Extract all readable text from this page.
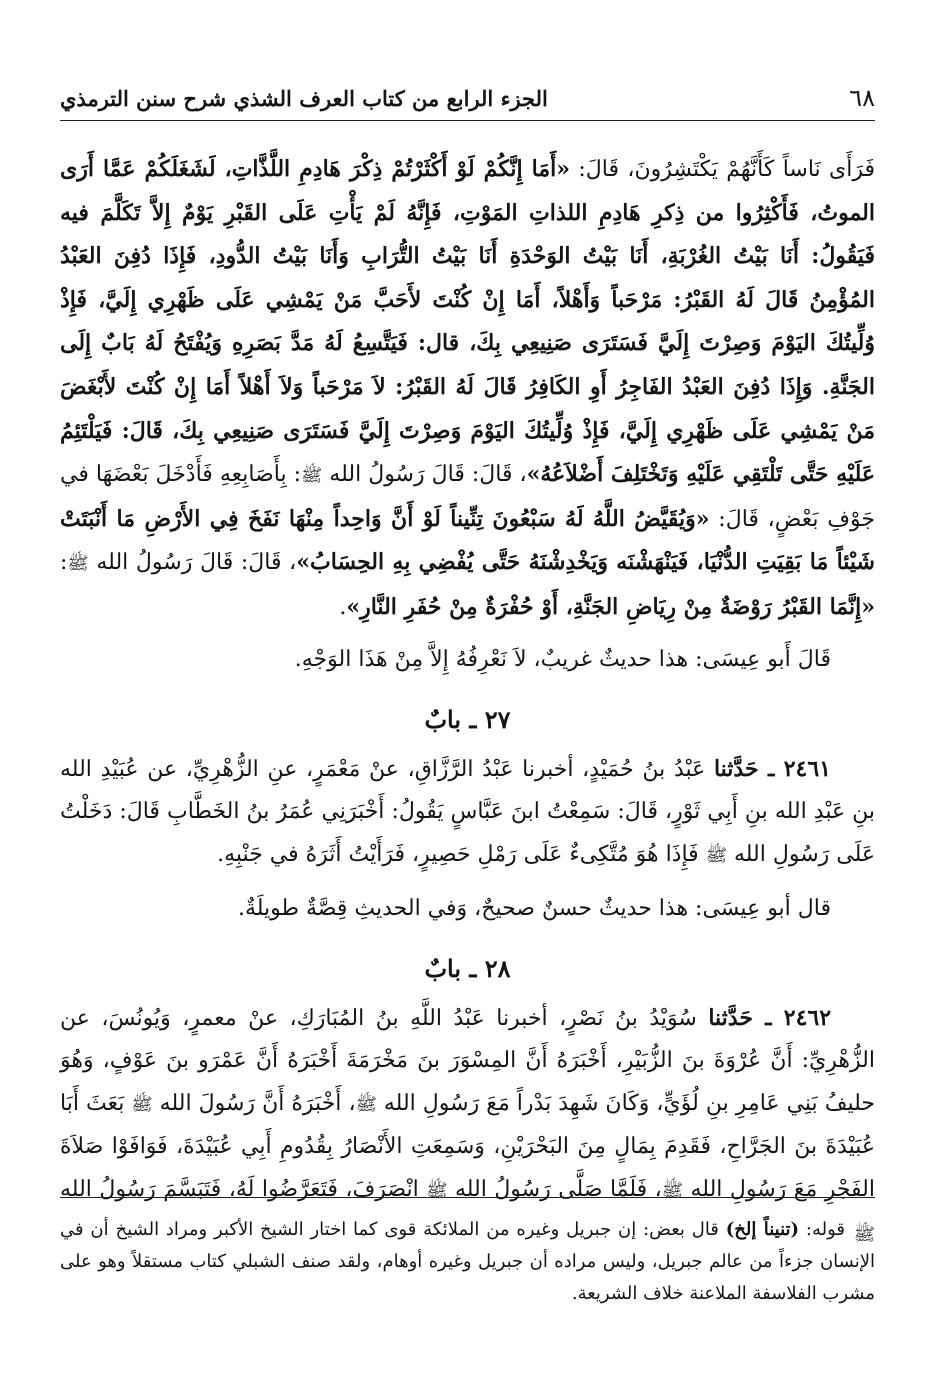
٦٨
الجزء الرابع من كتاب العرف الشذي شرح سنن الترمذي

فَرَأَى نَاساً كَأَنَّهُمْ يَكْتَشِرُونَ، قَالَ: «أَمَا إِنَّكُمْ لَوْ أَكْثَرْتُمْ ذِكْرَ هَادِمِ اللَّذَّاتِ، لَشَغَلَكُمْ عَمَّا أَرَى الموتُ، فَأَكْثِرُوا من ذِكرِ هَادِمِ اللذاتِ المَوْتِ، فَإِنَّهُ لَمْ يَأْتِ عَلَى القَبْرِ يَوْمٌ إِلاَّ تَكَلَّمَ فيه فَيَقُولُ: أَنَا بَيْتُ الغُرْبَةِ، أَنَا بَيْتُ الوَحْدَةِ أَنَا بَيْتُ التُّرَابِ وَأَنَا بَيْتُ الدُّودِ، فَإِذَا دُفِنَ العَبْدُ المُؤْمِنُ قَالَ لَهُ القَبْرُ: مَرْحَباً وَأَهْلاً، أَمَا إِنْ كُنْتَ لأَحَبَّ مَنْ يَمْشِي عَلَى ظَهْرِي إِلَيَّ، فَإِذْ وُلِّيتُكَ اليَوْمَ وَصِرْتَ إِلَيَّ فَسَتَرَى صَنِيعِي بِكَ، قال: فَيَتَّسِعُ لَهُ مَدَّ بَصَرِهِ وَيُفْتَحُ لَهُ بَابٌ إِلَى الجَنَّةِ. وَإِذَا دُفِنَ العَبْدُ الفَاجِرُ أَوِ الكَافِرُ قَالَ لَهُ القَبْرُ: لاَ مَرْحَباً وَلاَ أَهْلاً أَمَا إِنْ كُنْتَ لأَبْغَضَ مَنْ يَمْشِي عَلَى ظَهْرِي إِلَيَّ، فَإِذْ وُلِّيتُكَ اليَوْمَ وَصِرْتَ إِلَيَّ فَسَتَرَى صَنِيعِي بِكَ، قَالَ: فَيَلْتَئِمُ عَلَيْهِ حَتَّى تَلْتَقِي عَلَيْهِ وَتَخْتَلِفَ أَضْلاَعُهُ»، قَالَ: قَالَ رَسُولُ الله ﷺ: بِأَصَابِعِهِ فَأَدْخَلَ بَعْضَهَا في جَوْفِ بَعْضٍ، قَالَ: «وَيُقَيَّضُ اللَّهُ لَهُ سَبْعُونَ تِنِّيناً لَوْ أَنَّ وَاحِداً مِنْهَا نَفَخَ فِي الأَرْضِ مَا أَنْبَتَتْ شَيْئاً مَا بَقِيَتِ الدُّنْيَا، فَيَنْهَشْنَه وَيَخْدِشْنَهُ حَتَّى يُفْضِي بِهِ الحِسَابُ»، قَالَ: قَالَ رَسُولُ الله ﷺ: «إِنَّمَا القَبْرُ رَوْضَةٌ مِنْ رِيَاضِ الجَنَّةِ، أَوْ حُفْرَةٌ مِنْ حُفَرِ النَّارِ».

قَالَ أَبو عِيسَى: هذا حديثٌ غريبٌ، لاَ نَعْرِفُهُ إِلاَّ مِنْ هَذَا الوَجْهِ.

٢٧ ـ بابٌ

٢٤٦١ ـ حَدَّثنا عَبْدُ بنُ حُمَيْدٍ، أخبرنا عَبْدُ الرَّزَّاقِ، عنْ مَعْمَرٍ، عنِ الزُّهْرِيِّ، عن عُبَيْدِ الله بنِ عَبْدِ الله بنِ أَبِي ثَوْرٍ، قَالَ: سَمِعْتُ ابنَ عَبَّاسٍ يَقُولُ: أَخْبَرَنِي عُمَرُ بنُ الخَطَّابِ قَالَ: دَخَلْتُ عَلَى رَسُولِ الله ﷺ فَإِذَا هُوَ مُتَّكِىءٌ عَلَى رَمْلِ حَصِيرٍ، فَرَأَيْتُ أَثَرَهُ في جَنْبِهِ.

قال أبو عِيسَى: هذا حديثٌ حسنٌ صحيحٌ، وَفي الحديثِ قِصَّةٌ طويلَةٌ.

٢٨ ـ بابٌ

٢٤٦٢ ـ حَدَّثنا سُوَيْدُ بنُ نَصْرٍ، أخبرنا عَبْدُ اللَّهِ بنُ المُبَارَكِ، عنْ معمرٍ، وَيُونُسَ، عن الزُّهْرِيِّ: أَنَّ عُرْوَةَ بنَ الزُّبَيْرِ، أَخْبَرَهُ أَنَّ المِسْوَرَ بنَ مَخْرَمَةَ أَخْبَرَهُ أَنَّ عَمْرَو بنَ عَوْفٍ، وَهُوَ حليفُ بَنِي عَامِرِ بنِ لُؤَيٍّ، وَكَانَ شَهِدَ بَدْراً مَعَ رَسُولِ الله ﷺ، أَخْبَرَهُ أَنَّ رَسُولَ الله ﷺ بَعَثَ أَبَا عُبَيْدَةَ بنَ الجَرَّاحِ، فَقَدِمَ بِمَالٍ مِنَ البَحْرَيْنِ، وَسَمِعَتِ الأَنْصَارُ بِقُدُومِ أَبِي عُبَيْدَةَ، فَوَافَوْا صَلاَةَ الفَجْرِ مَعَ رَسُولِ الله ﷺ، فَلَمَّا صَلَّى رَسُولُ الله ﷺ انْصَرَفَ، فَتَعَرَّضُوا لَهُ، فَتَبَسَّمَ رَسُولُ الله ﷺ

قوله: (تنيناً إلخ) قال بعض: إن جبريل وغيره من الملائكة قوى كما اختار الشيخ الأكبر ومراد الشيخ أن في الإنسان جزءاً من عالم جبريل، وليس مراده أن جبريل وغيره أوهام، ولقد صنف الشبلي كتاب مستقلاً وهو على مشرب الفلاسفة الملاعنة خلاف الشريعة.
